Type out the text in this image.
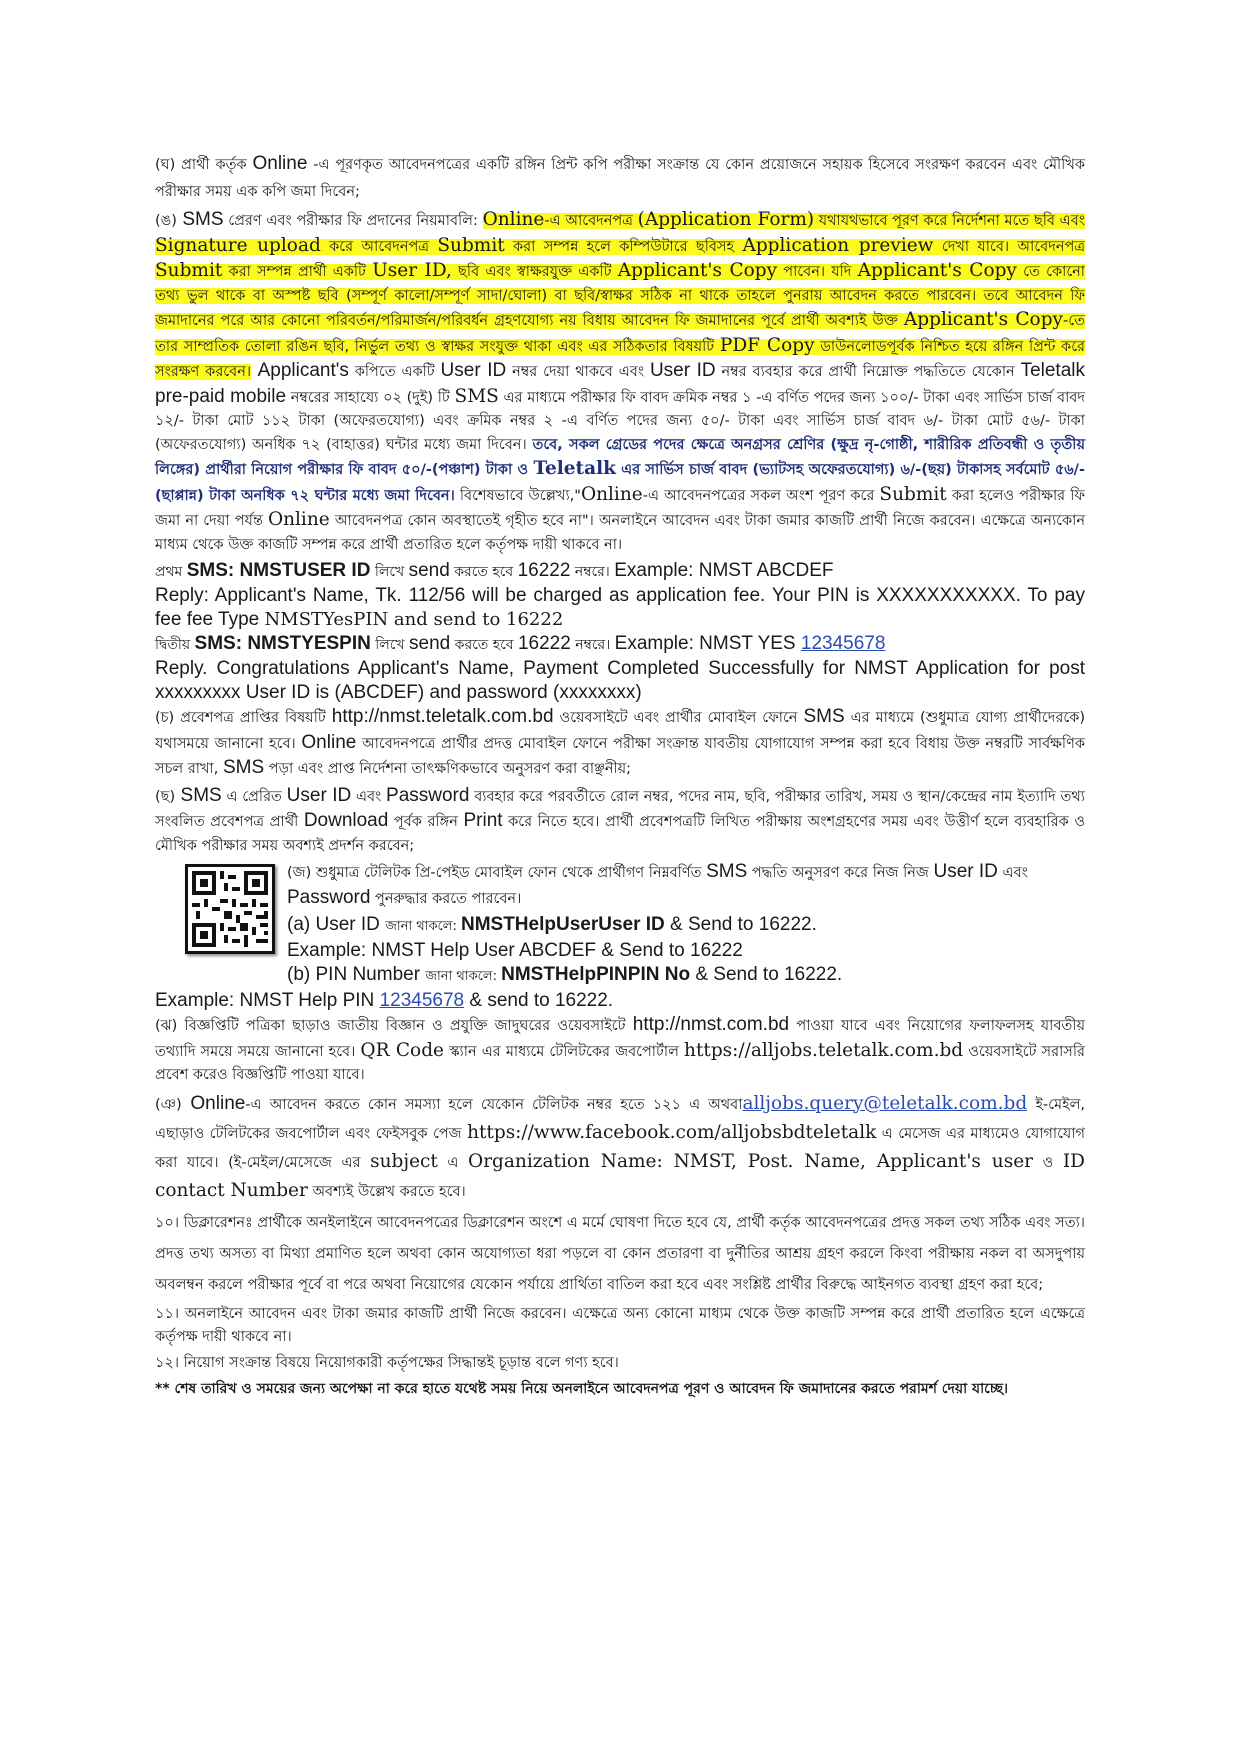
(ঘ) প্রার্থী কর্তৃক Online -এ পূরণকৃত আবেদনপত্রের একটি রঙ্গিন প্রিন্ট কপি পরীক্ষা সংক্রান্ত যে কোন প্রয়োজনে সহায়ক হিসেবে সংরক্ষণ করবেন এবং মৌখিক পরীক্ষার সময় এক কপি জমা দিবেন;

(ঙ) SMS প্রেরণ এবং পরীক্ষার ফি প্রদানের নিয়মাবলি: Online-এ আবেদনপত্র (Application Form) যথাযথভাবে পূরণ করে নির্দেশনা মতে ছবি এবং Signature upload করে আবেদনপত্র Submit করা সম্পন্ন হলে কম্পিউটারে ছবিসহ Application preview দেখা যাবে। আবেদনপত্র Submit করা সম্পন্ন প্রার্থী একটি User ID, ছবি এবং স্বাক্ষরযুক্ত একটি Applicant's Copy পাবেন। যদি Applicant's Copy তে কোনো তথ্য ভুল থাকে বা অস্পষ্ট ছবি (সম্পূর্ণ কালো/সম্পূর্ণ সাদা/ঘোলা) বা ছবি/স্বাক্ষর সঠিক না থাকে তাহলে পুনরায় আবেদন করতে পারবেন। তবে আবেদন ফি জমাদানের পরে আর কোনো পরিবর্তন/পরিমার্জন/পরিবর্ধন গ্রহণযোগ্য নয় বিধায় আবেদন ফি জমাদানের পূর্বে প্রার্থী অবশ্যই উক্ত Applicant's Copy-তে তার সাম্প্রতিক তোলা রঙিন ছবি, নির্ভুল তথ্য ও স্বাক্ষর সংযুক্ত থাকা এবং এর সঠিকতার বিষয়টি PDF Copy ডাউনলোডপূর্বক নিশ্চিত হয়ে রঙ্গিন প্রিন্ট করে সংরক্ষণ করবেন। Applicant's কপিতে একটি User ID নম্বর দেয়া থাকবে এবং User ID নম্বর ব্যবহার করে প্রার্থী নিম্নোক্ত পদ্ধতিতে যেকোন Teletalk pre-paid mobile নম্বরের সাহায্যে ০২ (দুই) টি SMS এর মাধ্যমে পরীক্ষার ফি বাবদ ক্রমিক নম্বর ১ -এ বর্ণিত পদের জন্য ১০০/- টাকা এবং সার্ভিস চার্জ বাবদ ১২/- টাকা মোট ১১২ টাকা (অফেরতযোগ্য) এবং ক্রমিক নম্বর ২ -এ বর্ণিত পদের জন্য ৫০/- টাকা এবং সার্ভিস চার্জ বাবদ ৬/- টাকা মোট ৫৬/- টাকা (অফেরতযোগ্য) অনধিক ৭২ (বাহাত্তর) ঘন্টার মধ্যে জমা দিবেন। তবে, সকল গ্রেডের পদের ক্ষেত্রে অনগ্রসর শ্রেণির (ক্ষুদ্র নৃ-গোষ্ঠী, শারীরিক প্রতিবন্ধী ও তৃতীয় লিঙ্গের) প্রার্থীরা নিয়োগ পরীক্ষার ফি বাবদ ৫০/-(পঞ্চাশ) টাকা ও Teletalk এর সার্ভিস চার্জ বাবদ (ভ্যাটসহ অফেরতযোগ্য) ৬/-(ছয়) টাকাসহ সর্বমোট ৫৬/-(ছাপ্পান্ন) টাকা অনধিক ৭২ ঘন্টার মধ্যে জমা দিবেন। বিশেষভাবে উল্লেখ্য,"Online-এ আবেদনপত্রের সকল অংশ পূরণ করে Submit করা হলেও পরীক্ষার ফি জমা না দেয়া পর্যন্ত Online আবেদনপত্র কোন অবস্থাতেই গৃহীত হবে না"। অনলাইনে আবেদন এবং টাকা জমার কাজটি প্রার্থী নিজে করবেন। এক্ষেত্রে অন্যকোন মাধ্যম থেকে উক্ত কাজটি সম্পন্ন করে প্রার্থী প্রতারিত হলে কর্তৃপক্ষ দায়ী থাকবে না।

প্রথম SMS: NMSTUSER ID লিখে send করতে হবে 16222 নম্বরে। Example: NMST ABCDEF

Reply: Applicant's Name, Tk. 112/56 will be charged as application fee. Your PIN is XXXXXXXXXXX. To pay fee fee Type NMSTYesPIN and send to 16222

দ্বিতীয় SMS: NMSTYESPIN লিখে send করতে হবে 16222 নম্বরে। Example: NMST YES 12345678

Reply. Congratulations Applicant's Name, Payment Completed Successfully for NMST Application for post xxxxxxxxx User ID is (ABCDEF) and password (xxxxxxxx)

(চ) প্রবেশপত্র প্রাপ্তির বিষয়টি http://nmst.teletalk.com.bd ওয়েবসাইটে এবং প্রার্থীর মোবাইল ফোনে SMS এর মাধ্যমে (শুধুমাত্র যোগ্য প্রার্থীদেরকে) যথাসময়ে জানানো হবে। Online আবেদনপত্রে প্রার্থীর প্রদত্ত মোবাইল ফোনে পরীক্ষা সংক্রান্ত যাবতীয় যোগাযোগ সম্পন্ন করা হবে বিধায় উক্ত নম্বরটি সার্বক্ষণিক সচল রাখা, SMS পড়া এবং প্রাপ্ত নির্দেশনা তাৎক্ষণিকভাবে অনুসরণ করা বাঞ্ছনীয়;

(ছ) SMS এ প্রেরিত User ID এবং Password ব্যবহার করে পরবর্তীতে রোল নম্বর, পদের নাম, ছবি, পরীক্ষার তারিখ, সময় ও স্থান/কেন্দ্রের নাম ইত্যাদি তথ্য সংবলিত প্রবেশপত্র প্রার্থী Download পূর্বক রঙ্গিন Print করে নিতে হবে। প্রার্থী প্রবেশপত্রটি লিখিত পরীক্ষায় অংশগ্রহণের সময় এবং উত্তীর্ণ হলে ব্যবহারিক ও মৌখিক পরীক্ষার সময় অবশ্যই প্রদর্শন করবেন;

(জ) শুধুমাত্র টেলিটক প্রি-পেইড মোবাইল ফোন থেকে প্রার্থীগণ নিম্নবর্ণিত SMS পদ্ধতি অনুসরণ করে নিজ নিজ User ID এবং
Password পুনরুদ্ধার করতে পারবেন।

(a) User ID জানা থাকলে: NMSTHelpUserUser ID & Send to 16222.

Example: NMST Help User ABCDEF & Send to 16222

(b) PIN Number জানা থাকলে: NMSTHelpPINPIN No & Send to 16222.

Example: NMST Help PIN 12345678 & send to 16222.

(ঝ) বিজ্ঞপ্তিটি পত্রিকা ছাড়াও জাতীয় বিজ্ঞান ও প্রযুক্তি জাদুঘরের ওয়েবসাইটে http://nmst.com.bd পাওয়া যাবে এবং নিয়োগের ফলাফলসহ যাবতীয় তথ্যাদি সময়ে সময়ে জানানো হবে। QR Code স্ক্যান এর মাধ্যমে টেলিটকের জবপোর্টাল https://alljobs.teletalk.com.bd ওয়েবসাইটে সরাসরি প্রবেশ করেও বিজ্ঞপ্তিটি পাওয়া যাবে।

(ঞ) Online-এ আবেদন করতে কোন সমস্যা হলে যেকোন টেলিটক নম্বর হতে ১২১ এ অথবাalljobs.query@teletalk.com.bd ই-মেইল, এছাড়াও টেলিটকের জবপোর্টাল এবং ফেইসবুক পেজ https://www.facebook.com/alljobsbdteletalk এ মেসেজ এর মাধ্যমেও যোগাযোগ করা যাবে। (ই-মেইল/মেসেজে এর subject এ Organization Name: NMST, Post. Name, Applicant's user ও ID contact Number অবশ্যই উল্লেখ করতে হবে।

১০। ডিক্লারেশনঃ প্রার্থীকে অনইলাইনে আবেদনপত্রের ডিক্লারেশন অংশে এ মর্মে ঘোষণা দিতে হবে যে, প্রার্থী কর্তৃক আবেদনপত্রের প্রদত্ত সকল তথ্য সঠিক এবং সত্য। প্রদত্ত তথ্য অসত্য বা মিথ্যা প্রমাণিত হলে অথবা কোন অযোগ্যতা ধরা পড়লে বা কোন প্রতারণা বা দুর্নীতির আশ্রয় গ্রহণ করলে কিংবা পরীক্ষায় নকল বা অসদুপায় অবলম্বন করলে পরীক্ষার পূর্বে বা পরে অথবা নিয়োগের যেকোন পর্যায়ে প্রার্থিতা বাতিল করা হবে এবং সংশ্লিষ্ট প্রার্থীর বিরুদ্ধে আইনগত ব্যবস্থা গ্রহণ করা হবে;

১১। অনলাইনে আবেদন এবং টাকা জমার কাজটি প্রার্থী নিজে করবেন। এক্ষেত্রে অন্য কোনো মাধ্যম থেকে উক্ত কাজটি সম্পন্ন করে প্রার্থী প্রতারিত হলে এক্ষেত্রে কর্তৃপক্ষ দায়ী থাকবে না।

১২। নিয়োগ সংক্রান্ত বিষয়ে নিয়োগকারী কর্তৃপক্ষের সিদ্ধান্তই চূড়ান্ত বলে গণ্য হবে।

** শেষ তারিখ ও সময়ের জন্য অপেক্ষা না করে হাতে যথেষ্ট সময় নিয়ে অনলাইনে আবেদনপত্র পূরণ ও আবেদন ফি জমাদানের করতে পরামর্শ দেয়া যাচ্ছে।
